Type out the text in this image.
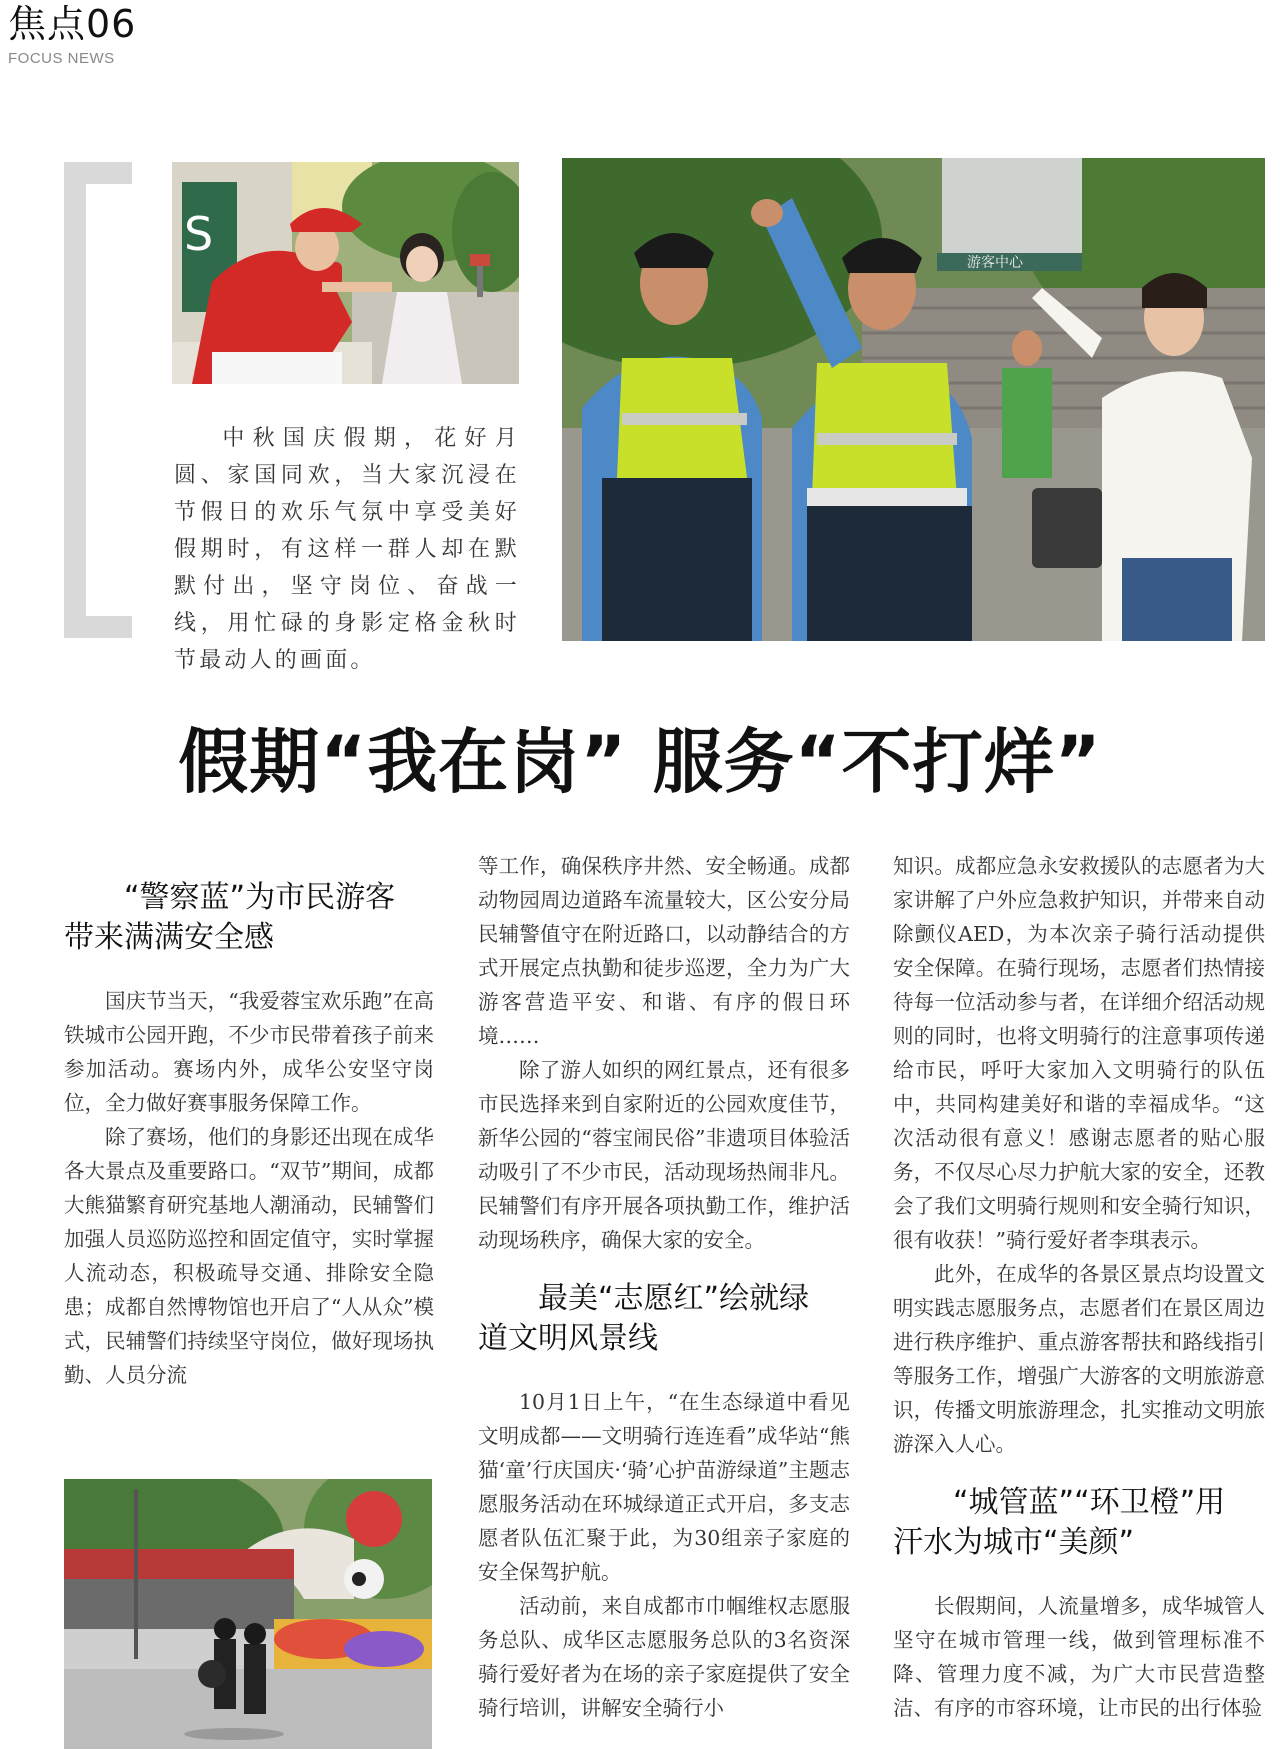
焦点06
FOCUS NEWS
S
游客中心

中秋国庆假期，花好月圆、家国同欢，当大家沉浸在节假日的欢乐气氛中享受美好假期时，有这样一群人却在默默付出，坚守岗位、奋战一线，用忙碌的身影定格金秋时节最动人的画面。

假期“我在岗” 服务“不打烊”
“警察蓝”为市民游客
带来满满安全感

国庆节当天，“我爱蓉宝欢乐跑”在高铁城市公园开跑，不少市民带着孩子前来参加活动。赛场内外，成华公安坚守岗位，全力做好赛事服务保障工作。

除了赛场，他们的身影还出现在成华各大景点及重要路口。“双节”期间，成都大熊猫繁育研究基地人潮涌动，民辅警们加强人员巡防巡控和固定值守，实时掌握人流动态，积极疏导交通、排除安全隐患；成都自然博物馆也开启了“人从众”模式，民辅警们持续坚守岗位，做好现场执勤、人员分流

等工作，确保秩序井然、安全畅通。成都动物园周边道路车流量较大，区公安分局民辅警值守在附近路口，以动静结合的方式开展定点执勤和徒步巡逻，全力为广大游客营造平安、和谐、有序的假日环境……

除了游人如织的网红景点，还有很多市民选择来到自家附近的公园欢度佳节，新华公园的“蓉宝闹民俗”非遗项目体验活动吸引了不少市民，活动现场热闹非凡。民辅警们有序开展各项执勤工作，维护活动现场秩序，确保大家的安全。

最美“志愿红”绘就绿
道文明风景线

10月1日上午，“在生态绿道中看见文明成都——文明骑行连连看”成华站“熊猫‘童’行庆国庆·‘骑’心护苗游绿道”主题志愿服务活动在环城绿道正式开启，多支志愿者队伍汇聚于此，为30组亲子家庭的安全保驾护航。

活动前，来自成都市巾帼维权志愿服务总队、成华区志愿服务总队的3名资深骑行爱好者为在场的亲子家庭提供了安全骑行培训，讲解安全骑行小

知识。成都应急永安救援队的志愿者为大家讲解了户外应急救护知识，并带来自动除颤仪AED，为本次亲子骑行活动提供安全保障。在骑行现场，志愿者们热情接待每一位活动参与者，在详细介绍活动规则的同时，也将文明骑行的注意事项传递给市民，呼吁大家加入文明骑行的队伍中，共同构建美好和谐的幸福成华。“这次活动很有意义！感谢志愿者的贴心服务，不仅尽心尽力护航大家的安全，还教会了我们文明骑行规则和安全骑行知识，很有收获！”骑行爱好者李琪表示。

此外，在成华的各景区景点均设置文明实践志愿服务点，志愿者们在景区周边进行秩序维护、重点游客帮扶和路线指引等服务工作，增强广大游客的文明旅游意识，传播文明旅游理念，扎实推动文明旅游深入人心。

“城管蓝”“环卫橙”用
汗水为城市“美颜”

长假期间，人流量增多，成华城管人坚守在城市管理一线，做到管理标准不降、管理力度不减，为广大市民营造整洁、有序的市容环境，让市民的出行体验
